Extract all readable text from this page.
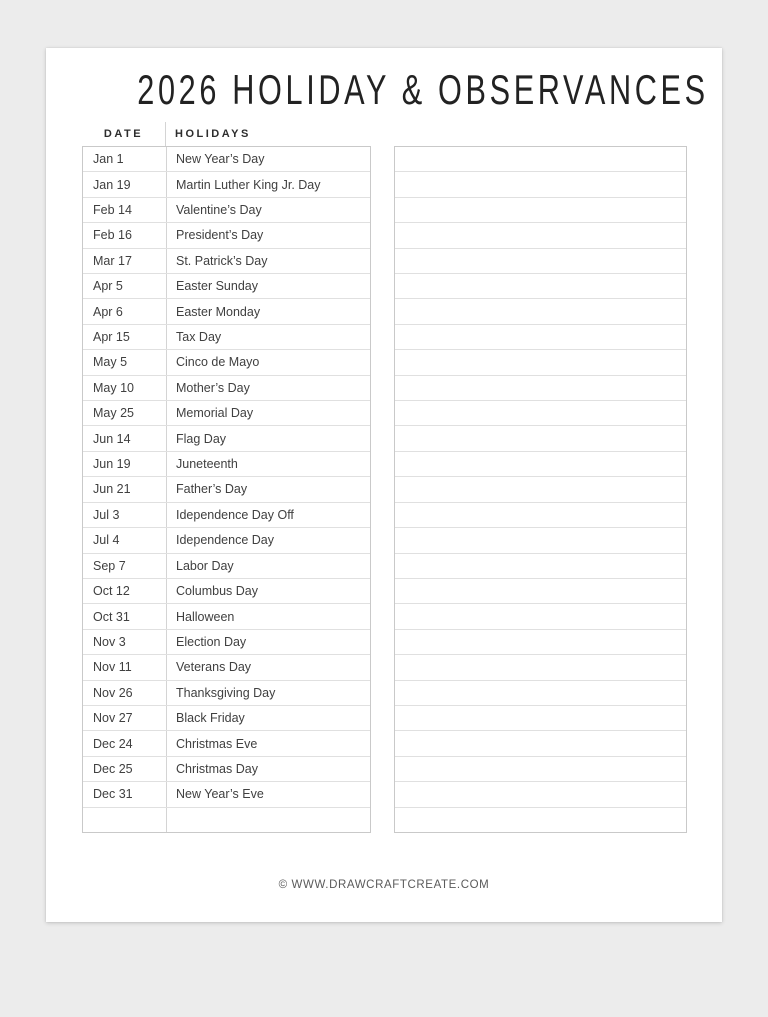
2026 HOLIDAY & OBSERVANCES
DATE	HOLIDAYS
Jan 1	New Year’s Day
Jan 19	Martin Luther King Jr. Day
Feb 14	Valentine’s Day
Feb 16	President’s Day
Mar 17	St. Patrick’s Day
Apr 5	Easter Sunday
Apr 6	Easter Monday
Apr 15	Tax Day
May 5	Cinco de Mayo
May 10	Mother’s Day
May 25	Memorial Day
Jun 14	Flag Day
Jun 19	Juneteenth
Jun 21	Father’s Day
Jul 3	Idependence Day Off
Jul 4	Idependence Day
Sep 7	Labor Day
Oct 12	Columbus Day
Oct 31	Halloween
Nov 3	Election Day
Nov 11	Veterans Day
Nov 26	Thanksgiving Day
Nov 27	Black Friday
Dec 24	Christmas Eve
Dec 25	Christmas Day
Dec 31	New Year’s Eve
© WWW.DRAWCRAFTCREATE.COM
